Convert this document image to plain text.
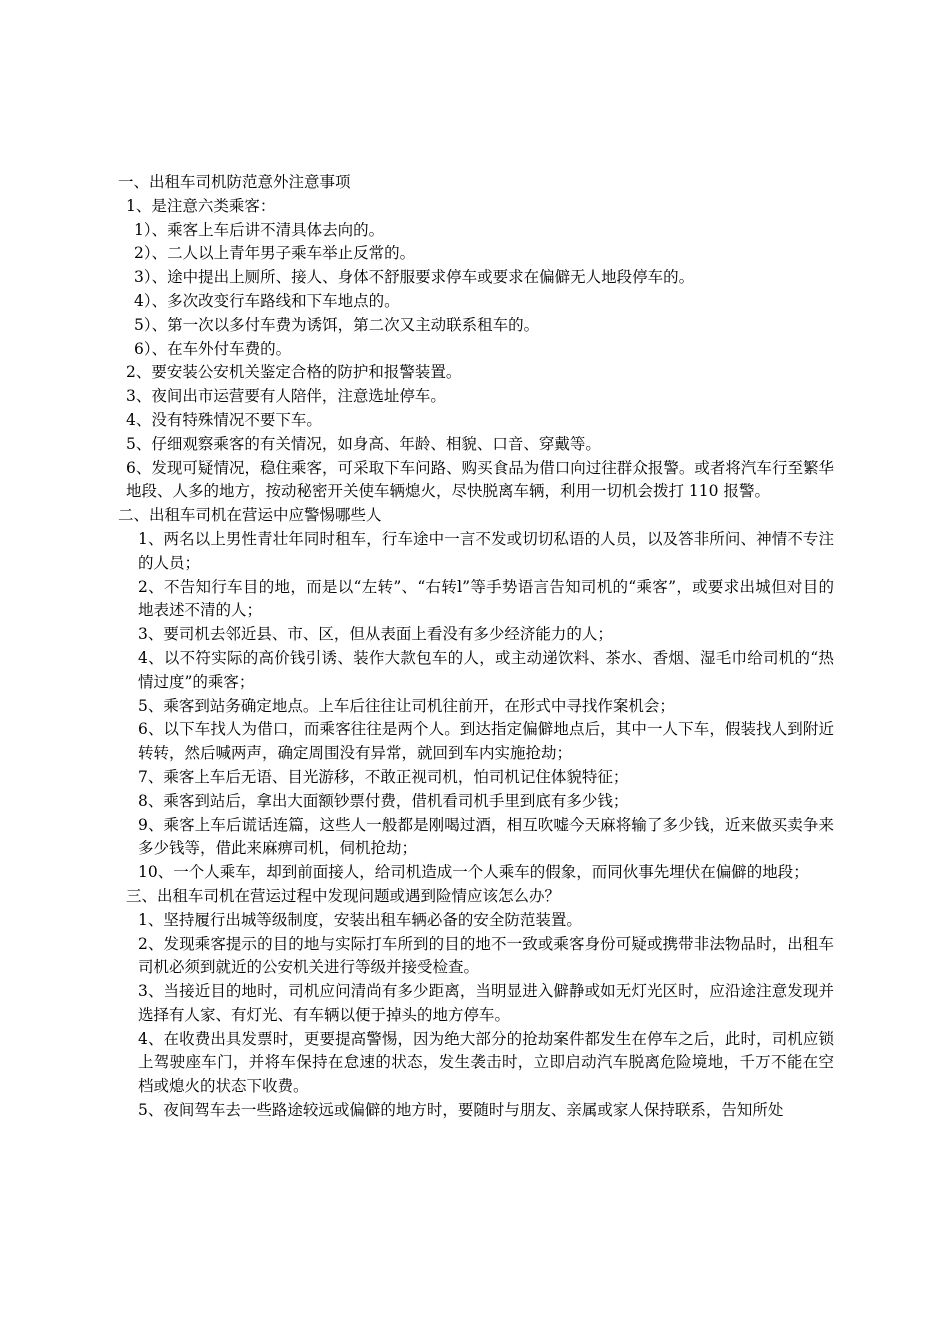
一、出租车司机防范意外注意事项
1、是注意六类乘客：
1）、乘客上车后讲不清具体去向的。
2）、二人以上青年男子乘车举止反常的。
3）、途中提出上厕所、接人、身体不舒服要求停车或要求在偏僻无人地段停车的。
4）、多次改变行车路线和下车地点的。
5）、第一次以多付车费为诱饵，第二次又主动联系租车的。
6）、在车外付车费的。
2、要安装公安机关鉴定合格的防护和报警装置。
3、夜间出市运营要有人陪伴，注意选址停车。
4、没有特殊情况不要下车。
5、仔细观察乘客的有关情况，如身高、年龄、相貌、口音、穿戴等。
6、发现可疑情况，稳住乘客，可采取下车问路、购买食品为借口向过往群众报警。或者将汽车行至繁华地段、人多的地方，按动秘密开关使车辆熄火，尽快脱离车辆，利用一切机会拨打 110 报警。
二、出租车司机在营运中应警惕哪些人
1、两名以上男性青壮年同时租车，行车途中一言不发或切切私语的人员，以及答非所问、神情不专注的人员；
2、不告知行车目的地，而是以“左转”、“右转l”等手势语言告知司机的“乘客”，或要求出城但对目的地表述不清的人；
3、要司机去邻近县、市、区，但从表面上看没有多少经济能力的人；
4、以不符实际的高价钱引诱、装作大款包车的人，或主动递饮料、茶水、香烟、湿毛巾给司机的“热情过度”的乘客；
5、乘客到站务确定地点。上车后往往让司机往前开，在形式中寻找作案机会；
6、以下车找人为借口，而乘客往往是两个人。到达指定偏僻地点后，其中一人下车，假装找人到附近转转，然后喊两声，确定周围没有异常，就回到车内实施抢劫；
7、乘客上车后无语、目光游移，不敢正视司机，怕司机记住体貌特征；
8、乘客到站后，拿出大面额钞票付费，借机看司机手里到底有多少钱；
9、乘客上车后谎话连篇，这些人一般都是刚喝过酒，相互吹嘘今天麻将输了多少钱，近来做买卖争来多少钱等，借此来麻痹司机，伺机抢劫；
10、一个人乘车，却到前面接人，给司机造成一个人乘车的假象，而同伙事先埋伏在偏僻的地段；
三、出租车司机在营运过程中发现问题或遇到险情应该怎么办？
1、坚持履行出城等级制度，安装出租车辆必备的安全防范装置。
2、发现乘客提示的目的地与实际打车所到的目的地不一致或乘客身份可疑或携带非法物品时，出租车司机必须到就近的公安机关进行等级并接受检查。
3、当接近目的地时，司机应问清尚有多少距离，当明显进入僻静或如无灯光区时，应沿途注意发现并选择有人家、有灯光、有车辆以便于掉头的地方停车。
4、在收费出具发票时，更要提高警惕，因为绝大部分的抢劫案件都发生在停车之后，此时，司机应锁上驾驶座车门，并将车保持在怠速的状态，发生袭击时，立即启动汽车脱离危险境地，千万不能在空档或熄火的状态下收费。
5、夜间驾车去一些路途较远或偏僻的地方时，要随时与朋友、亲属或家人保持联系，告知所处
